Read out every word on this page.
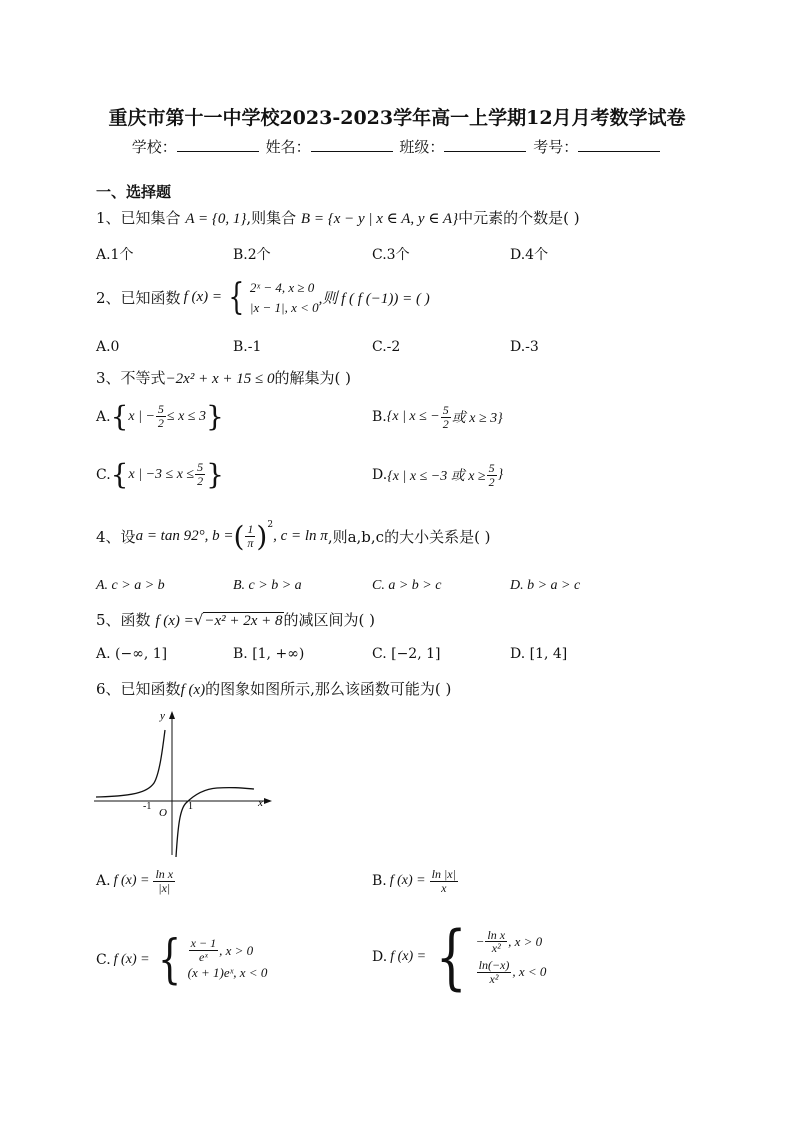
重庆市第十一中学校2023-2023学年高一上学期12月月考数学试卷
学校：	姓名：	班级：	考号：
一、选择题
1、已知集合 A = {0, 1},则集合 B = {x − y | x ∈ A, y ∈ A}中元素的个数是( )
A.1个	B.2个	C.3个	D.4个
2、 已知函数 f (x) = { 2ˣ − 4, x ≥ 0
|x − 1|, x < 0 ,则 f ( f (−1)) = ( )
A.0	B.-1	C.-2	D.-3
3、不等式−2x² + x + 15 ≤ 0的解集为( )
A. { x | − $\frac{5}{2} \le x \le 3$ }	B. {x | x ≤ − $\frac{5}{2}$ 或 x ≥ 3}
C. { x | $-3 \le x \le \frac{5}{2}$ }	D. {x | x ≤ −3 或 $x \ge \frac{5}{2}$ }
4、 设 a = tan 92° , b = ( $\frac{1}{\pi} )^2$
, c = ln π ,则a,b,c的大小关系是( )
A. c > a > b	B. c > b > a	C. a > b > c	D. b > a > c
5、函数 f (x) =√−x² + 2x + 8的减区间为( )
A. (−∞, 1]	B. [1, +∞)	C. [−2, 1]	D. [1, 4]
6、已知函数f (x)的图象如图所示,那么该函数可能为( )
x
y
O
-1	1
A. f $(x) = \frac{\text{ln x}}{|x|}$	B. f $(x) = \frac{\ln |x|}{x}$
C. f (x) = { $\frac{x - 1}{\text{eˣ}}$ , x > 0
(x + 1)eˣ, x < 0
D. f (x) = { − $\frac{\text{ln x}}{\text{x²}}$ , x > 0
$\frac{\ln(-x)}{\text{x²}}$ , x < 0
